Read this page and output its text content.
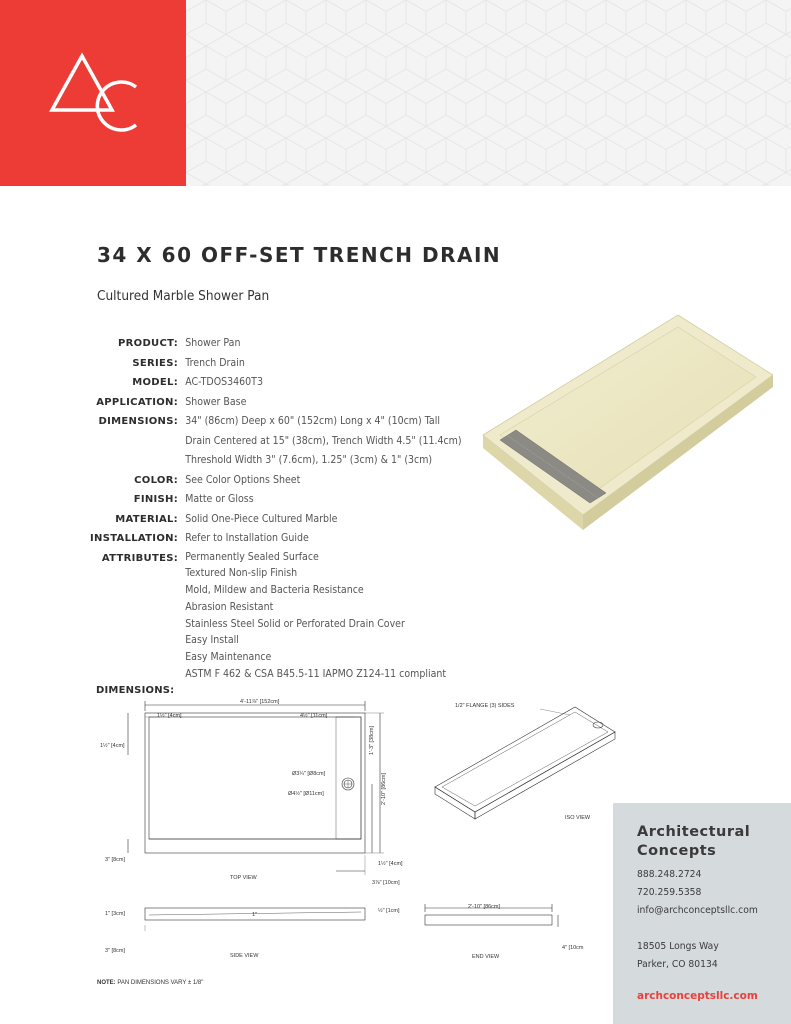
34 X 60 OFF-SET TRENCH DRAIN
Cultured Marble Shower Pan
PRODUCT: Shower Pan
SERIES: Trench Drain
MODEL: AC-TDOS3460T3
APPLICATION: Shower Base
DIMENSIONS: 34" (86cm) Deep x 60" (152cm) Long x 4" (10cm) Tall
Drain Centered at 15" (38cm), Trench Width 4.5" (11.4cm)
Threshold Width 3" (7.6cm), 1.25" (3cm) & 1" (3cm)
COLOR: See Color Options Sheet
FINISH: Matte or Gloss
MATERIAL: Solid One-Piece Cultured Marble
INSTALLATION: Refer to Installation Guide
ATTRIBUTES: Permanently Sealed Surface
Textured Non-slip Finish
Mold, Mildew and Bacteria Resistance
Abrasion Resistant
Stainless Steel Solid or Perforated Drain Cover
Easy Install
Easy Maintenance
ASTM F 462 & CSA B45.5-11 IAPMO Z124-11 compliant
DIMENSIONS:
4'-11⅞" [152cm]
1½" [4cm]	4½" [11cm]
1½" [4cm]
Ø3¼" [Ø8cm]
Ø4½" [Ø11cm]
1'-3" [38cm]
2'-10" [86cm]
3" [8cm]
1½" [4cm]
3⅞" [10cm]
TOP VIEW
1/2" FLANGE (3) SIDES
ISO VIEW
1" [3cm]	1"
½" [1cm]
3" [8cm]
SIDE VIEW
2'-10" [86cm]
4" [10cm
END VIEW
NOTE: PAN DIMENSIONS VARY ± 1/8"
Architectural
Concepts
888.248.2724
720.259.5358
info@archconceptsllc.com
18505 Longs Way
Parker, CO 80134
archconceptsllc.com
